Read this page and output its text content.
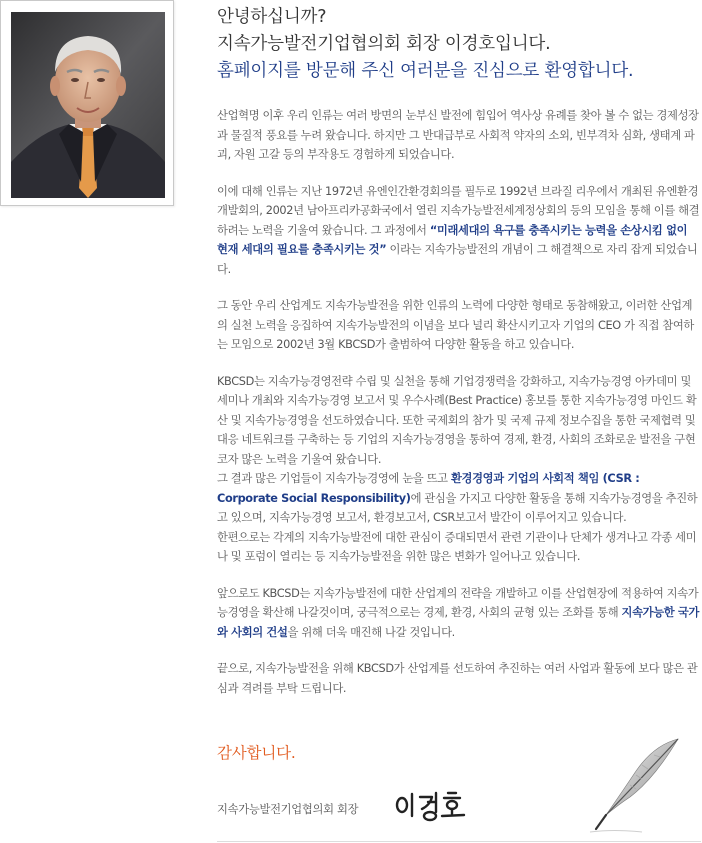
안녕하십니까?
지속가능발전기업협의회 회장 이경호입니다.
홈페이지를 방문해 주신 여러분을 진심으로 환영합니다.

산업혁명 이후 우리 인류는 여러 방면의 눈부신 발전에 힘입어 역사상 유례를 찾아 볼 수 없는 경제성장과 물질적 풍요를 누려 왔습니다. 하지만 그 반대급부로 사회적 약자의 소외, 빈부격차 심화, 생태계 파괴, 자원 고갈 등의 부작용도 경험하게 되었습니다.

이에 대해 인류는 지난 1972년 유엔인간환경회의를 필두로 1992년 브라질 리우에서 개최된 유엔환경개발회의, 2002년 남아프리카공화국에서 열린 지속가능발전세계정상회의 등의 모임을 통해 이를 해결하려는 노력을 기울여 왔습니다. 그 과정에서 “미래세대의 욕구를 충족시키는 능력을 손상시킴 없이 현재 세대의 필요를 충족시키는 것” 이라는 지속가능발전의 개념이 그 해결책으로 자리 잡게 되었습니다.

그 동안 우리 산업계도 지속가능발전을 위한 인류의 노력에 다양한 형태로 동참해왔고, 이러한 산업계의 실천 노력을 응집하여 지속가능발전의 이념을 보다 널리 확산시키고자 기업의 CEO 가 직접 참여하는 모임으로 2002년 3월 KBCSD가 출범하여 다양한 활동을 하고 있습니다.

KBCSD는 지속가능경영전략 수립 및 실천을 통해 기업경쟁력을 강화하고, 지속가능경영 아카데미 및 세미나 개최와 지속가능경영 보고서 및 우수사례(Best Practice) 홍보를 통한 지속가능경영 마인드 확산 및 지속가능경영을 선도하였습니다. 또한 국제회의 참가 및 국제 규제 정보수집을 통한 국제협력 및 대응 네트워크를 구축하는 등 기업의 지속가능경영을 통하여 경제, 환경, 사회의 조화로운 발전을 구현코자 많은 노력을 기울여 왔습니다.
그 결과 많은 기업들이 지속가능경영에 눈을 뜨고 환경경영과 기업의 사회적 책임 (CSR : Corporate Social Responsibility)에 관심을 가지고 다양한 활동을 통해 지속가능경영을 추진하고 있으며, 지속가능경영 보고서, 환경보고서, CSR보고서 발간이 이루어지고 있습니다.
한편으로는 각계의 지속가능발전에 대한 관심이 증대되면서 관련 기관이나 단체가 생겨나고 각종 세미나 및 포럼이 열리는 등 지속가능발전을 위한 많은 변화가 일어나고 있습니다.

앞으로도 KBCSD는 지속가능발전에 대한 산업계의 전략을 개발하고 이를 산업현장에 적용하여 지속가능경영을 확산해 나갈것이며, 궁극적으로는 경제, 환경, 사회의 균형 있는 조화를 통해 지속가능한 국가와 사회의 건설을 위해 더욱 매진해 나갈 것입니다.

끝으로, 지속가능발전을 위해 KBCSD가 산업계를 선도하여 추진하는 여러 사업과 활동에 보다 많은 관심과 격려를 부탁 드립니다.

감사합니다.
지속가능발전기업협의회 회장
